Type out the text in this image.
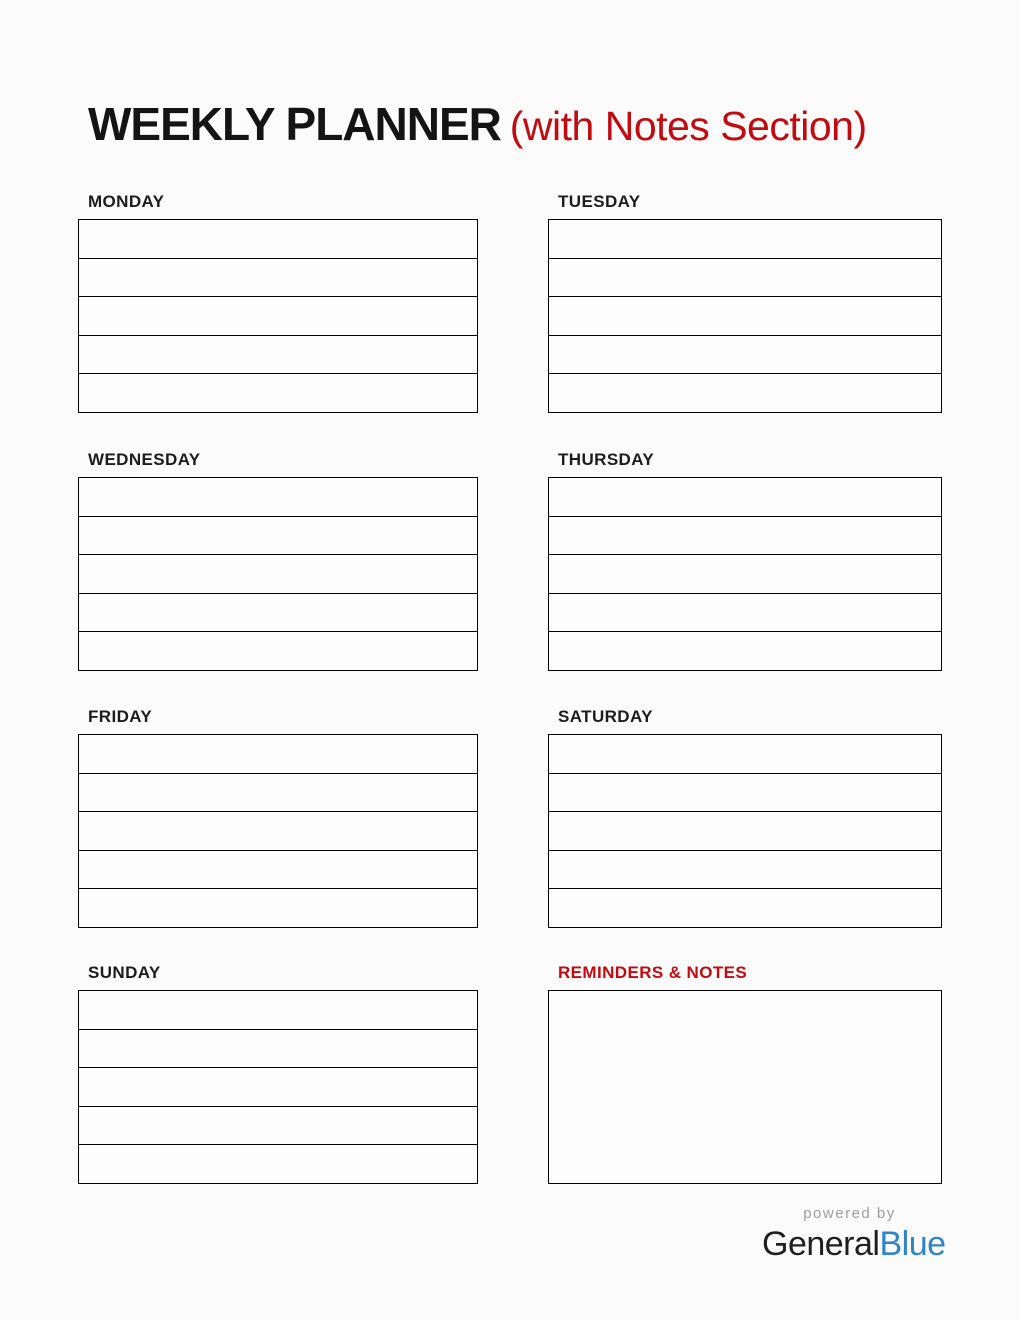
WEEKLY PLANNER (with Notes Section)
MONDAY	TUESDAY
WEDNESDAY	THURSDAY
FRIDAY	SATURDAY
SUNDAY	REMINDERS & NOTES
powered by
GeneralBlue
